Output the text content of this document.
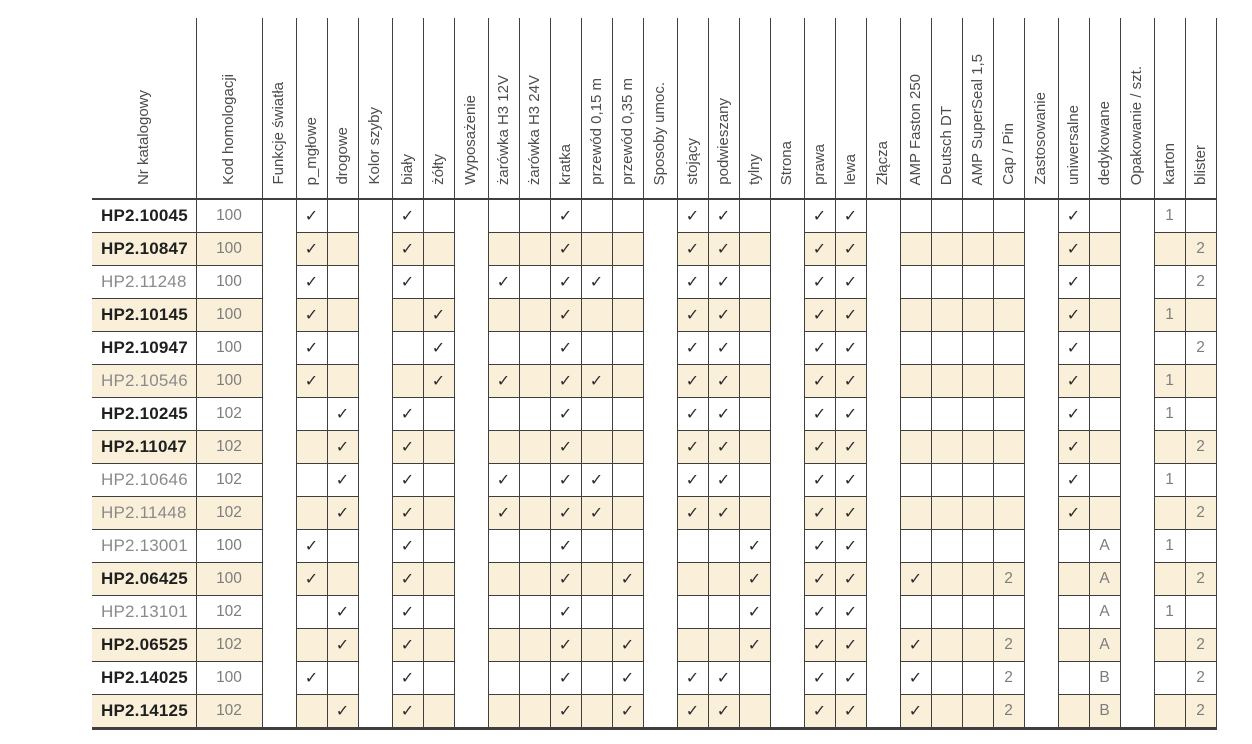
Nr katalogowy	Kod homologacji	Funkcje światła	p_mgłowe	drogowe	Kolor szyby	biały	żółty	Wyposażenie	żarówka H3 12V	żarówka H3 24V	kratka	przewód 0,15 m	przewód 0,35 m	Sposoby umoc.	stojący	podwieszany	tylny	Strona	prawa	lewa	Złącza	AMP Faston 250	Deutsch DT	AMP SuperSeal 1,5	Cap / Pin	Zastosowanie	uniwersalne	dedykowane	Opakowanie / szt.	karton	blister
HP2.10045	100		✓			✓					✓				✓	✓			✓	✓							✓			1	
HP2.10847	100		✓			✓					✓				✓	✓			✓	✓							✓				2
HP2.11248	100		✓			✓			✓		✓	✓			✓	✓			✓	✓							✓				2
HP2.10145	100		✓				✓				✓				✓	✓			✓	✓							✓			1	
HP2.10947	100		✓				✓				✓				✓	✓			✓	✓							✓				2
HP2.10546	100		✓				✓		✓		✓	✓			✓	✓			✓	✓							✓			1	
HP2.10245	102			✓		✓					✓				✓	✓			✓	✓							✓			1	
HP2.11047	102			✓		✓					✓				✓	✓			✓	✓							✓				2
HP2.10646	102			✓		✓			✓		✓	✓			✓	✓			✓	✓							✓			1	
HP2.11448	102			✓		✓			✓		✓	✓			✓	✓			✓	✓							✓				2
HP2.13001	100		✓			✓					✓						✓		✓	✓								A		1	
HP2.06425	100		✓			✓					✓		✓				✓		✓	✓		✓			2			A			2
HP2.13101	102			✓		✓					✓						✓		✓	✓								A		1	
HP2.06525	102			✓		✓					✓		✓				✓		✓	✓		✓			2			A			2
HP2.14025	100		✓			✓					✓		✓		✓	✓			✓	✓		✓			2			B			2
HP2.14125	102			✓		✓					✓		✓		✓	✓			✓	✓		✓			2			B			2
